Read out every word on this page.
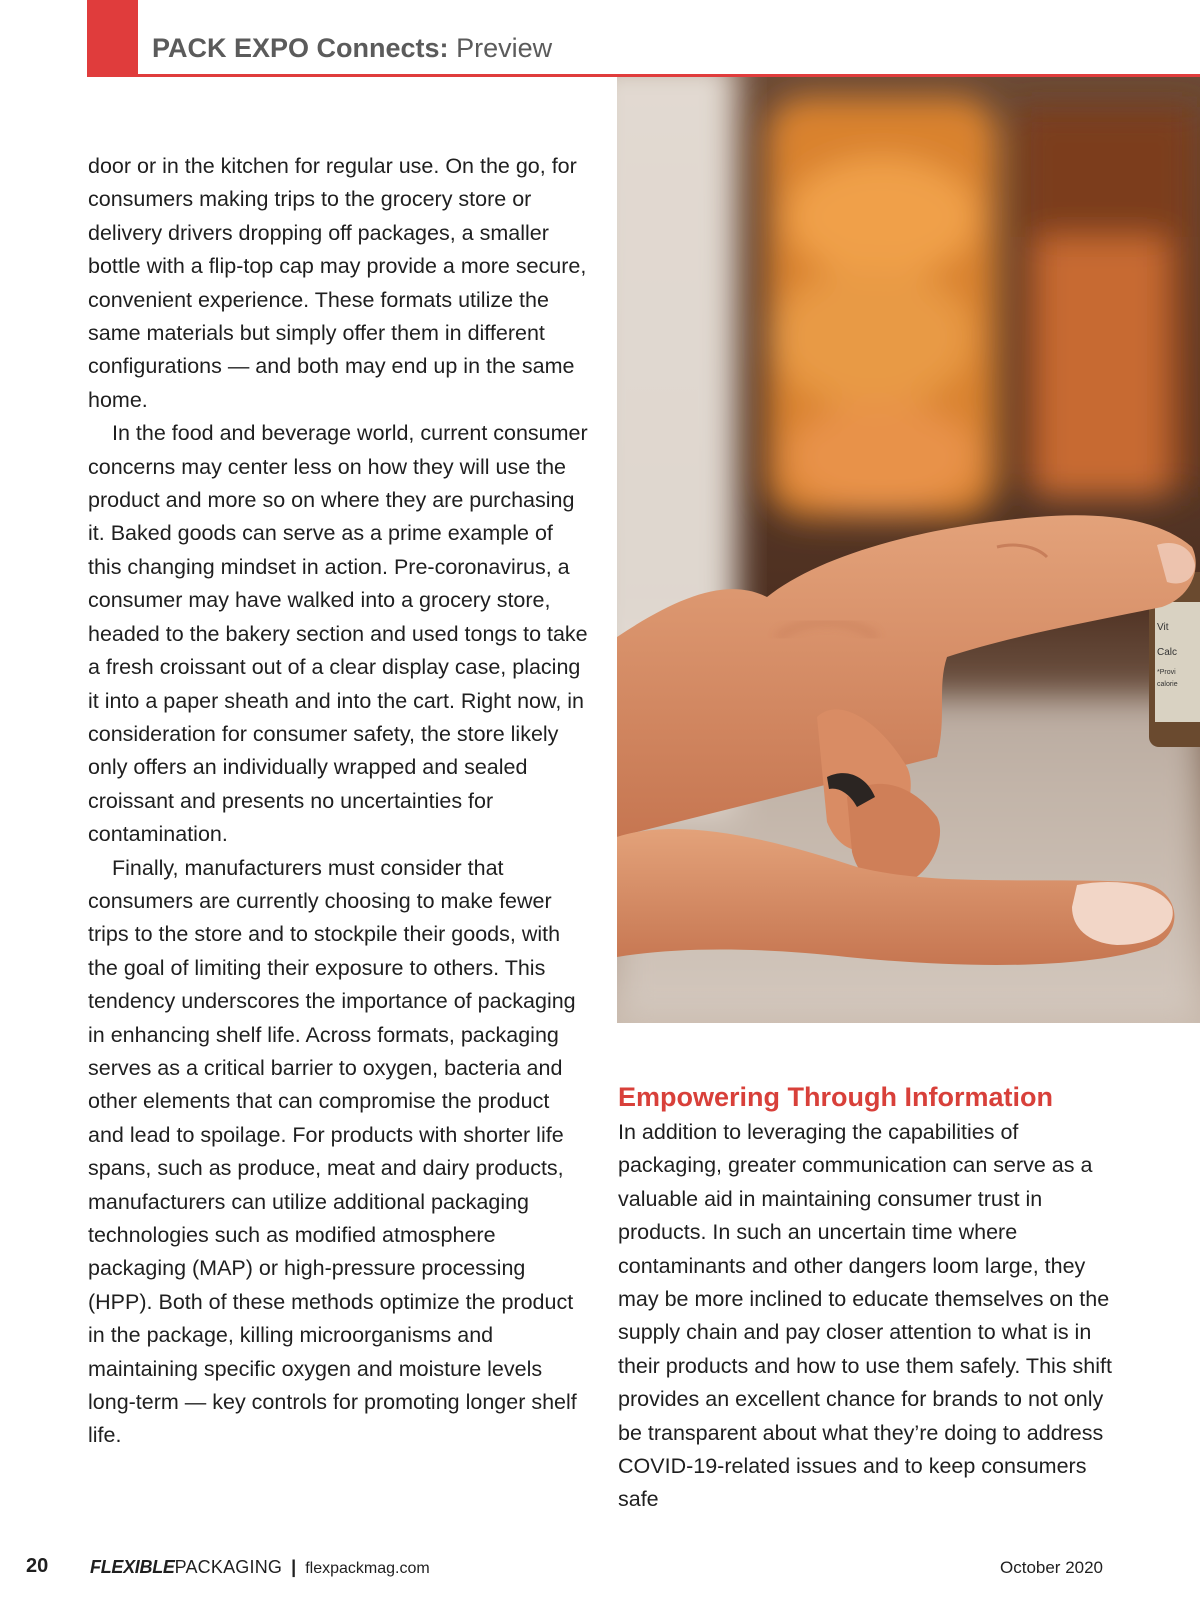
PACK EXPO Connects: Preview

door or in the kitchen for regular use. On the go, for consumers making trips to the grocery store or delivery drivers dropping off packages, a smaller bottle with a flip-top cap may provide a more secure, convenient experience. These formats utilize the same materials but simply offer them in different configurations — and both may end up in the same home.

In the food and beverage world, current consumer concerns may center less on how they will use the product and more so on where they are purchasing it. Baked goods can serve as a prime example of this changing mindset in action. Pre-coronavirus, a consumer may have walked into a grocery store, headed to the bakery section and used tongs to take a fresh croissant out of a clear display case, placing it into a paper sheath and into the cart. Right now, in consideration for consumer safety, the store likely only offers an individually wrapped and sealed croissant and presents no uncertainties for contamination.

Finally, manufacturers must consider that consumers are currently choosing to make fewer trips to the store and to stockpile their goods, with the goal of limiting their exposure to others. This tendency underscores the importance of packaging in enhancing shelf life. Across formats, packaging serves as a critical barrier to oxygen, bacteria and other elements that can compromise the product and lead to spoilage. For products with shorter life spans, such as produce, meat and dairy products, manufacturers can utilize additional packaging technologies such as modified atmosphere packaging (MAP) or high-pressure processing (HPP). Both of these methods optimize the product in the package, killing microorganisms and maintaining specific oxygen and moisture levels long-term — key controls for promoting longer shelf life.

Vit
Calc
*Provi
calorie
Empowering Through Information

In addition to leveraging the capabilities of packaging, greater communication can serve as a valuable aid in maintaining consumer trust in products. In such an uncertain time where contaminants and other dangers loom large, they may be more inclined to educate themselves on the supply chain and pay closer attention to what is in their products and how to use them safely. This shift provides an excellent chance for brands to not only be transparent about what they’re doing to address COVID-19-related issues and to keep consumers safe

20 FLEXIBLEPACKAGING | flexpackmag.com	October 2020
